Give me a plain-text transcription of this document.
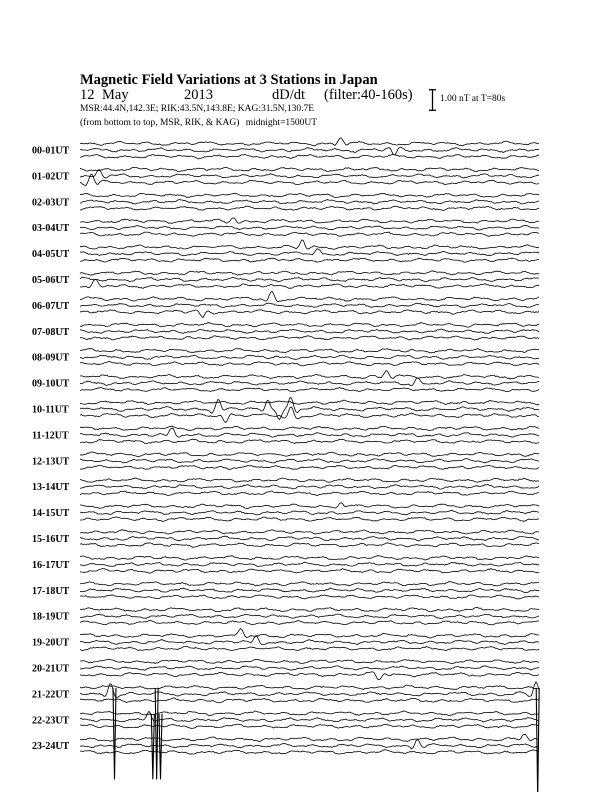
Magnetic Field Variations at 3 Stations in Japan
12 May	2013	dD/dt (filter:40-160s)
MSR:44.4N,142.3E; RIK:43.5N,143.8E; KAG:31.5N,130.7E
(from bottom to top, MSR, RIK, & KAG) midnight=1500UT
1.00 nT at T=80s
00-01UT
01-02UT
02-03UT
03-04UT
04-05UT
05-06UT
06-07UT
07-08UT
08-09UT
09-10UT
10-11UT
11-12UT
12-13UT
13-14UT
14-15UT
15-16UT
16-17UT
17-18UT
18-19UT
19-20UT
20-21UT
21-22UT
22-23UT
23-24UT
